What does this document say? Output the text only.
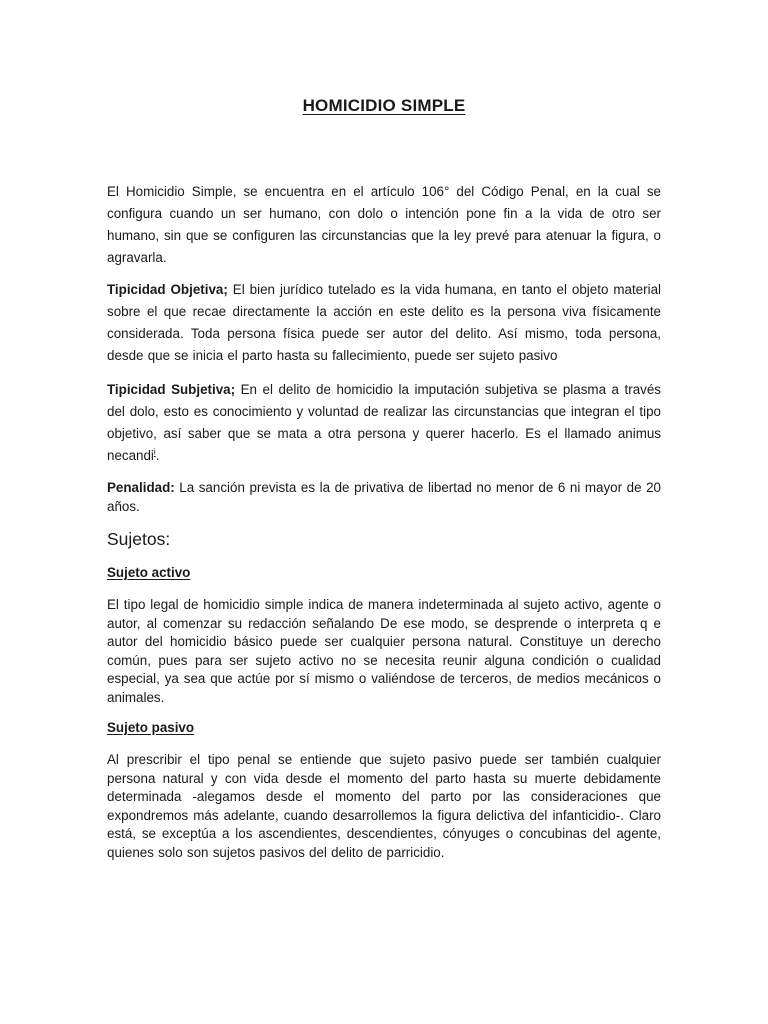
HOMICIDIO SIMPLE

El Homicidio Simple, se encuentra en el artículo 106° del Código Penal, en la cual se configura cuando un ser humano, con dolo o intención pone fin a la vida de otro ser humano, sin que se configuren las circunstancias que la ley prevé para atenuar la figura, o agravarla.

Tipicidad Objetiva; El bien jurídico tutelado es la vida humana, en tanto el objeto material sobre el que recae directamente la acción en este delito es la persona viva físicamente considerada. Toda persona física puede ser autor del delito. Así mismo, toda persona, desde que se inicia el parto hasta su fallecimiento, puede ser sujeto pasivo

Tipicidad Subjetiva; En el delito de homicidio la imputación subjetiva se plasma a través del dolo, esto es conocimiento y voluntad de realizar las circunstancias que integran el tipo objetivo, así saber que se mata a otra persona y querer hacerlo. Es el llamado animus necandi$^i$.

Penalidad: La sanción prevista es la de privativa de libertad no menor de 6 ni mayor de 20 años.

Sujetos:
Sujeto activo

El tipo legal de homicidio simple indica de manera indeterminada al sujeto activo, agente o autor, al comenzar su redacción señalando De ese modo, se desprende o interpreta q e autor del homicidio básico puede ser cualquier persona natural. Constituye un derecho común, pues para ser sujeto activo no se necesita reunir alguna condición o cualidad especial, ya sea que actúe por sí mismo o valiéndose de terceros, de medios mecánicos o animales.

Sujeto pasivo

Al prescribir el tipo penal se entiende que sujeto pasivo puede ser también cualquier persona natural y con vida desde el momento del parto hasta su muerte debidamente determinada -alegamos desde el momento del parto por las consideraciones que expondremos más adelante, cuando desarrollemos la figura delictiva del infanticidio-. Claro está, se exceptúa a los ascendientes, descendientes, cónyuges o concubinas del agente, quienes solo son sujetos pasivos del delito de parricidio.
